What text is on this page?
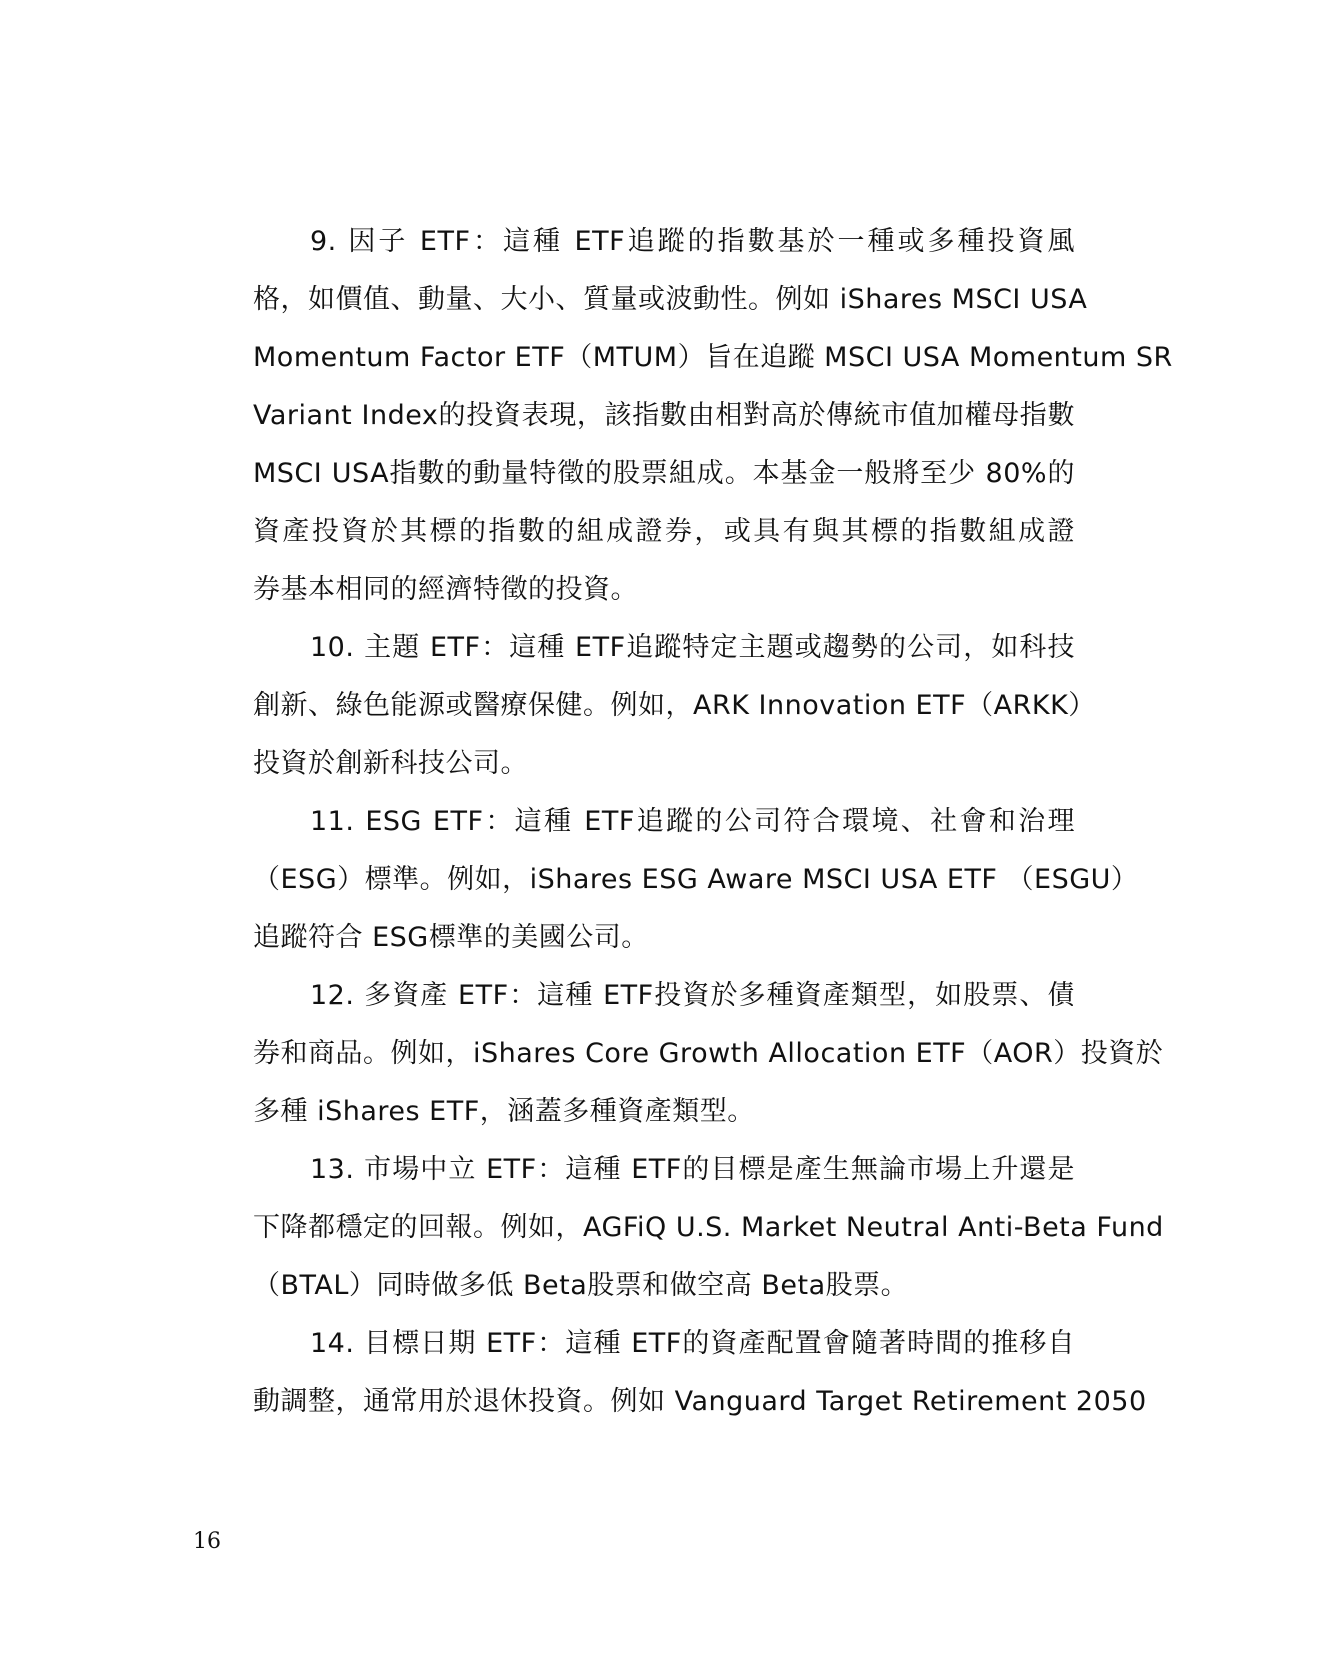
9. 因子 ETF：這種 ETF追蹤的指數基於一種或多種投資風
格，如價值、動量、大小、質量或波動性。例如 iShares MSCI USA
Momentum Factor ETF（MTUM）旨在追蹤 MSCI USA Momentum SR
Variant Index的投資表現，該指數由相對高於傳統市值加權母指數
MSCI USA指數的動量特徵的股票組成。本基金一般將至少 80%的
資產投資於其標的指數的組成證券，或具有與其標的指數組成證
券基本相同的經濟特徵的投資。
10. 主題 ETF：這種 ETF追蹤特定主題或趨勢的公司，如科技
創新、綠色能源或醫療保健。例如，ARK Innovation ETF（ARKK）
投資於創新科技公司。
11. ESG ETF：這種 ETF追蹤的公司符合環境、社會和治理
（ESG）標準。例如，iShares ESG Aware MSCI USA ETF （ESGU）
追蹤符合 ESG標準的美國公司。
12. 多資產 ETF：這種 ETF投資於多種資產類型，如股票、債
券和商品。例如，iShares Core Growth Allocation ETF（AOR）投資於
多種 iShares ETF，涵蓋多種資產類型。
13. 市場中立 ETF：這種 ETF的目標是產生無論市場上升還是
下降都穩定的回報。例如，AGFiQ U.S. Market Neutral Anti-Beta Fund
（BTAL）同時做多低 Beta股票和做空高 Beta股票。
14. 目標日期 ETF：這種 ETF的資產配置會隨著時間的推移自
動調整，通常用於退休投資。例如 Vanguard Target Retirement 2050
16
